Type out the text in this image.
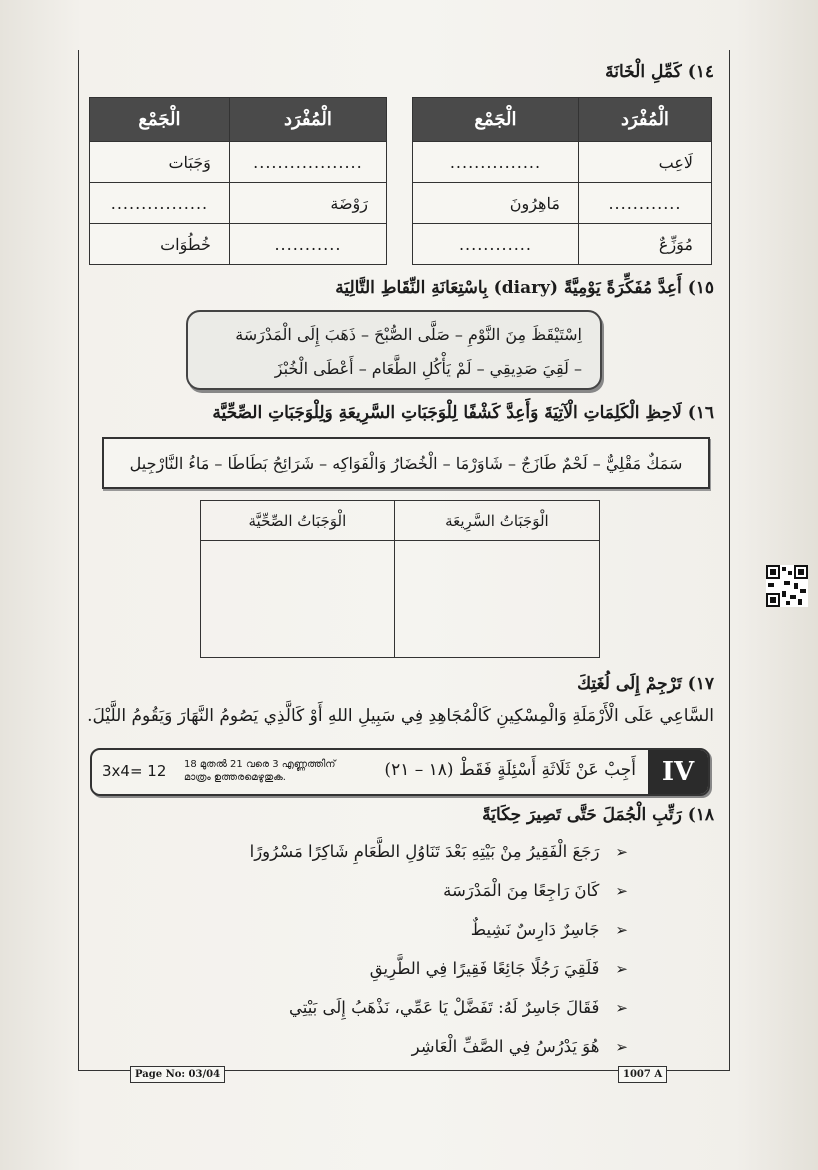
١٤) كَمِّلِ الْخَانَةَ
الْمُفْرَد	الْجَمْع
لَاعِب	...............
............	مَاهِرُونَ
مُوَزِّعٌ	............
الْمُفْرَد	الْجَمْع
..................	وَجَبَات
رَوْضَة	................
...........	خُطُوَات
١٥) أَعِدَّ مُفَكِّرَةً يَوْمِيَّةً (diary) بِاسْتِعَانَةِ النِّقَاطِ التَّالِيَة
اِسْتَيْقَظَ مِنَ النَّوْمِ – صَلَّى الصُّبْحَ – ذَهَبَ إِلَى الْمَدْرَسَة
– لَقِيَ صَدِيقِي – لَمْ يَأْكُلِ الطَّعَام – أَعْطَى الْخُبْزَ
١٦) لَاحِظِ الْكَلِمَاتِ الْآتِيَةَ وَأَعِدَّ كَشْفًا لِلْوَجَبَاتِ السَّرِيعَةِ وَلِلْوَجَبَاتِ الصِّحِّيَّة
سَمَكٌ مَقْلِيٌّ – لَحْمٌ طَازَجٌ – شَاوَرْمَا – الْخُضَارُ وَالْفَوَاكِه – شَرَائِحُ بَطَاطَا – مَاءُ النَّارْجِيل
الْوَجَبَاتُ السَّرِيعَة	الْوَجَبَاتُ الصِّحِّيَّة

١٧) تَرْجِمْ إِلَى لُغَتِكَ
السَّاعِي عَلَى الْأَرْمَلَةِ وَالْمِسْكِينِ كَالْمُجَاهِدِ فِي سَبِيلِ اللهِ أَوْ كَالَّذِي يَصُومُ النَّهَارَ وَيَقُومُ اللَّيْلَ.
IV
أَجِبْ عَنْ ثَلَاثَةِ أَسْئِلَةٍ فَقَطْ (١٨ – ٢١)
18 മുതൽ 21 വരെ 3 എണ്ണത്തിന്
മാത്രം ഉത്തരമെഴുതുക.
3x4= 12
١٨) رَتِّبِ الْجُمَلَ حَتَّى تَصِيرَ حِكَايَةً
➢
رَجَعَ الْفَقِيرُ مِنْ بَيْتِهِ بَعْدَ تَنَاوُلِ الطَّعَامِ شَاكِرًا مَسْرُورًا
➢
كَانَ رَاجِعًا مِنَ الْمَدْرَسَة
➢
جَاسِرٌ دَارِسٌ نَشِيطٌ
➢
فَلَقِيَ رَجُلًا جَائِعًا فَقِيرًا فِي الطَّرِيقِ
➢
فَقَالَ جَاسِرٌ لَهُ: تَفَضَّلْ يَا عَمِّي، نَذْهَبُ إِلَى بَيْتِي
➢
هُوَ يَدْرُسُ فِي الصَّفِّ الْعَاشِر
Page No: 03/04	1007 A
